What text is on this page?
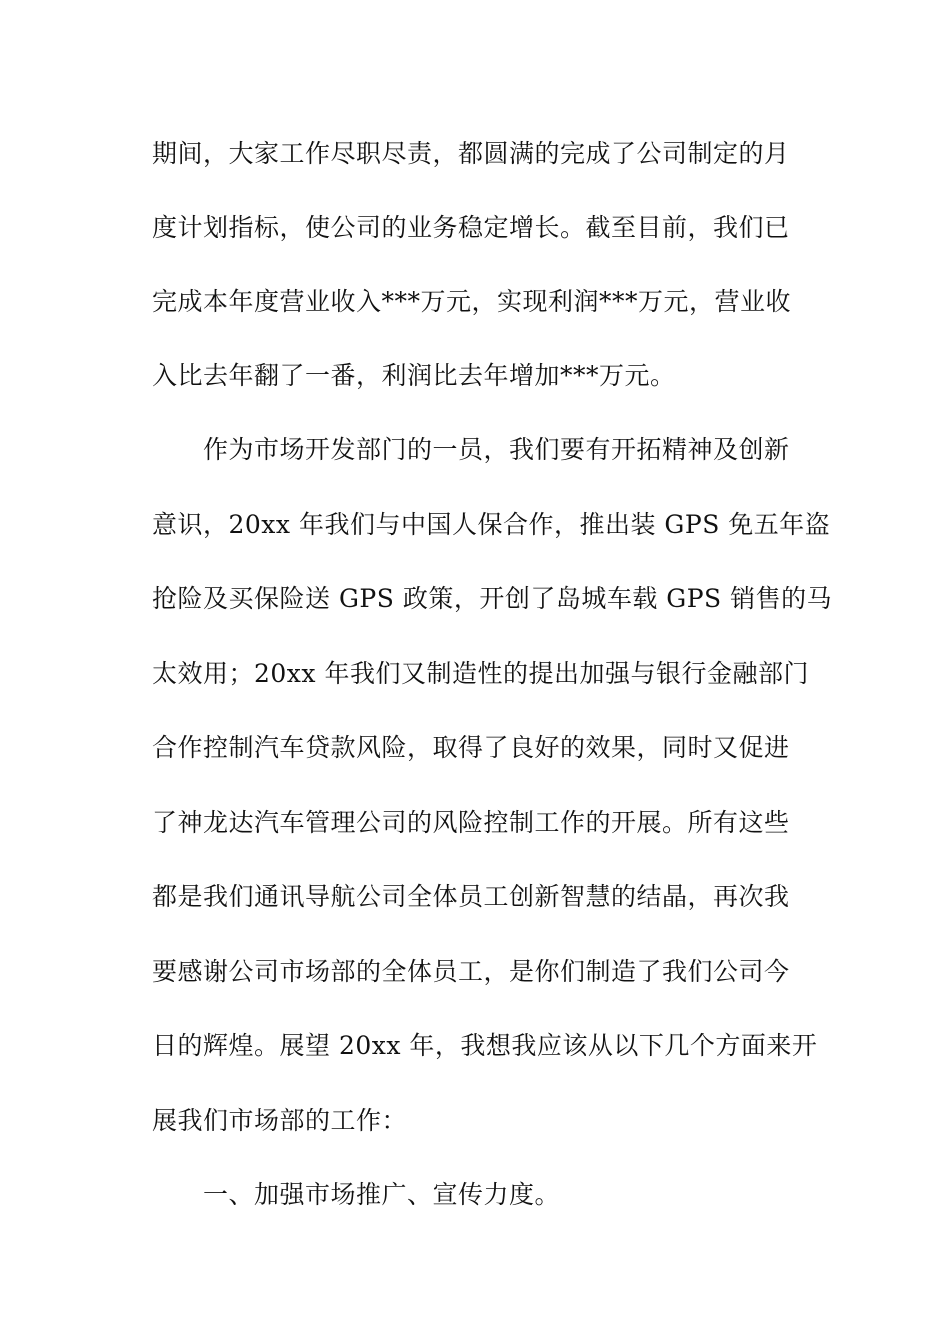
期间，大家工作尽职尽责，都圆满的完成了公司制定的月
度计划指标，使公司的业务稳定增长。截至目前，我们已
完成本年度营业收入***万元，实现利润***万元，营业收
入比去年翻了一番，利润比去年增加***万元。
作为市场开发部门的一员，我们要有开拓精神及创新
意识，20xx 年我们与中国人保合作，推出装 GPS 免五年盗
抢险及买保险送 GPS 政策，开创了岛城车载 GPS 销售的马
太效用；20xx 年我们又制造性的提出加强与银行金融部门
合作控制汽车贷款风险，取得了良好的效果，同时又促进
了神龙达汽车管理公司的风险控制工作的开展。所有这些
都是我们通讯导航公司全体员工创新智慧的结晶，再次我
要感谢公司市场部的全体员工，是你们制造了我们公司今
日的辉煌。展望 20xx 年，我想我应该从以下几个方面来开
展我们市场部的工作：
一、加强市场推广、宣传力度。
